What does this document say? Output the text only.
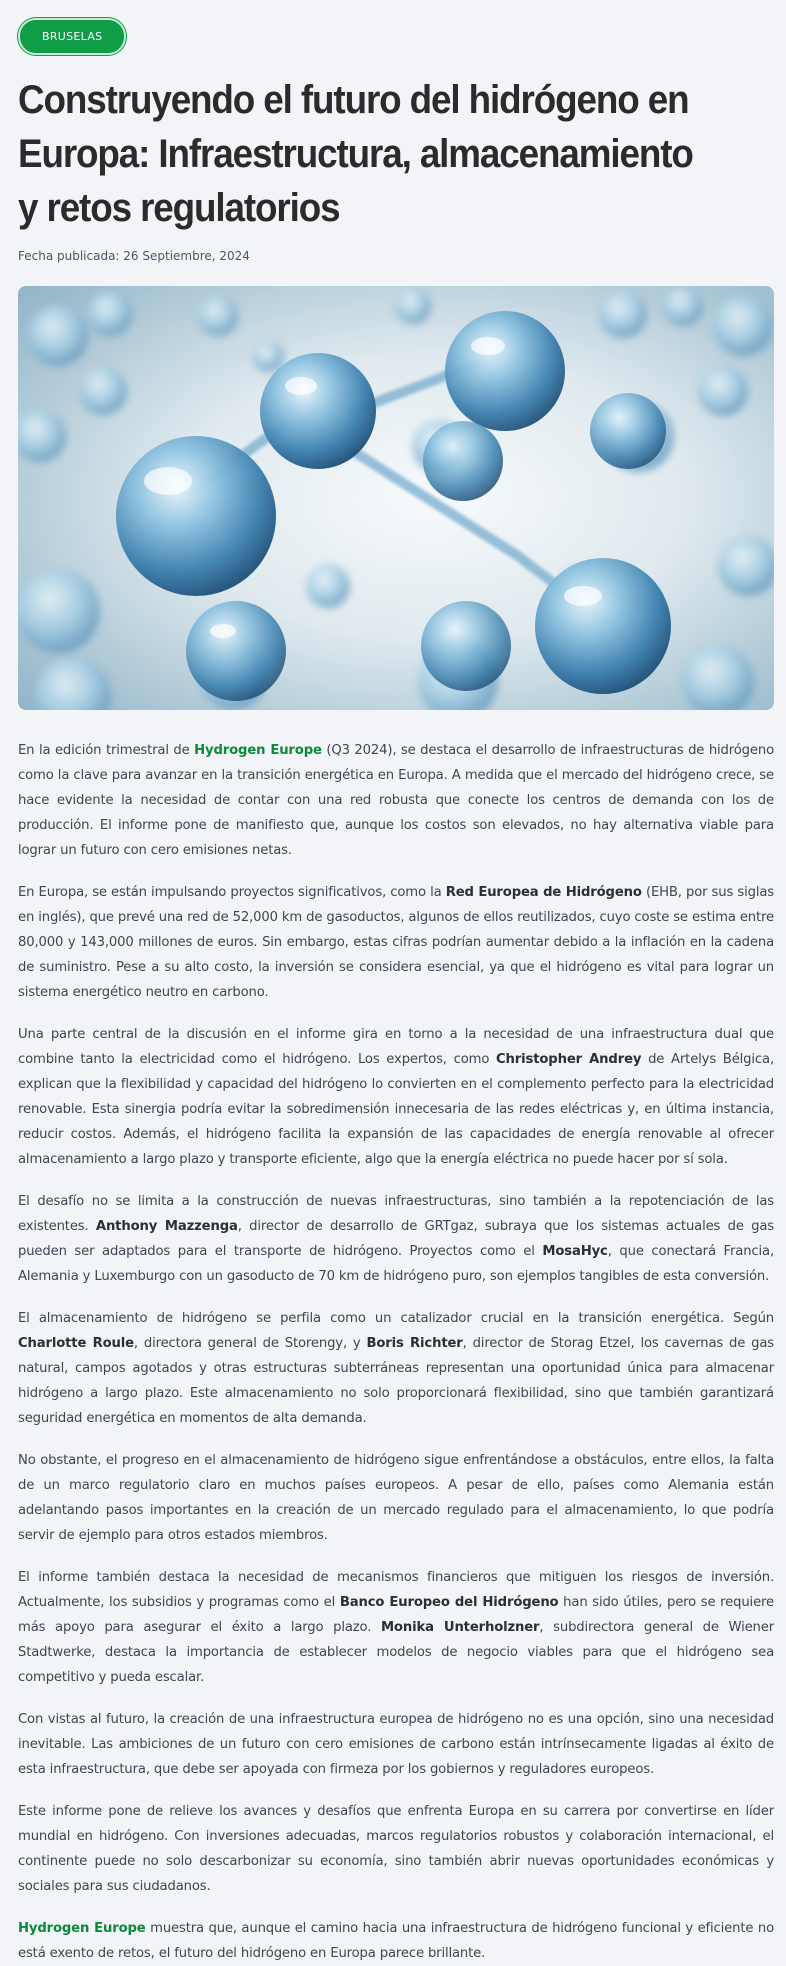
BRUSELAS
Construyendo el futuro del hidrógeno en Europa: Infraestructura, almacenamiento y retos regulatorios
Fecha publicada: 26 Septiembre, 2024

En la edición trimestral de Hydrogen Europe (Q3 2024), se destaca el desarrollo de infraestructuras de hidrógeno como la clave para avanzar en la transición energética en Europa. A medida que el mercado del hidrógeno crece, se hace evidente la necesidad de contar con una red robusta que conecte los centros de demanda con los de producción. El informe pone de manifiesto que, aunque los costos son elevados, no hay alternativa viable para lograr un futuro con cero emisiones netas.

En Europa, se están impulsando proyectos significativos, como la Red Europea de Hidrógeno (EHB, por sus siglas en inglés), que prevé una red de 52,000 km de gasoductos, algunos de ellos reutilizados, cuyo coste se estima entre 80,000 y 143,000 millones de euros. Sin embargo, estas cifras podrían aumentar debido a la inflación en la cadena de suministro. Pese a su alto costo, la inversión se considera esencial, ya que el hidrógeno es vital para lograr un sistema energético neutro en carbono.

Una parte central de la discusión en el informe gira en torno a la necesidad de una infraestructura dual que combine tanto la electricidad como el hidrógeno. Los expertos, como Christopher Andrey de Artelys Bélgica, explican que la flexibilidad y capacidad del hidrógeno lo convierten en el complemento perfecto para la electricidad renovable. Esta sinergia podría evitar la sobredimensión innecesaria de las redes eléctricas y, en última instancia, reducir costos. Además, el hidrógeno facilita la expansión de las capacidades de energía renovable al ofrecer almacenamiento a largo plazo y transporte eficiente, algo que la energía eléctrica no puede hacer por sí sola.

El desafío no se limita a la construcción de nuevas infraestructuras, sino también a la repotenciación de las existentes. Anthony Mazzenga, director de desarrollo de GRTgaz, subraya que los sistemas actuales de gas pueden ser adaptados para el transporte de hidrógeno. Proyectos como el MosaHyc, que conectará Francia, Alemania y Luxemburgo con un gasoducto de 70 km de hidrógeno puro, son ejemplos tangibles de esta conversión.

El almacenamiento de hidrógeno se perfila como un catalizador crucial en la transición energética. Según Charlotte Roule, directora general de Storengy, y Boris Richter, director de Storag Etzel, los cavernas de gas natural, campos agotados y otras estructuras subterráneas representan una oportunidad única para almacenar hidrógeno a largo plazo. Este almacenamiento no solo proporcionará flexibilidad, sino que también garantizará seguridad energética en momentos de alta demanda.

No obstante, el progreso en el almacenamiento de hidrógeno sigue enfrentándose a obstáculos, entre ellos, la falta de un marco regulatorio claro en muchos países europeos. A pesar de ello, países como Alemania están adelantando pasos importantes en la creación de un mercado regulado para el almacenamiento, lo que podría servir de ejemplo para otros estados miembros.

El informe también destaca la necesidad de mecanismos financieros que mitiguen los riesgos de inversión. Actualmente, los subsidios y programas como el Banco Europeo del Hidrógeno han sido útiles, pero se requiere más apoyo para asegurar el éxito a largo plazo. Monika Unterholzner, subdirectora general de Wiener Stadtwerke, destaca la importancia de establecer modelos de negocio viables para que el hidrógeno sea competitivo y pueda escalar.

Con vistas al futuro, la creación de una infraestructura europea de hidrógeno no es una opción, sino una necesidad inevitable. Las ambiciones de un futuro con cero emisiones de carbono están intrínsecamente ligadas al éxito de esta infraestructura, que debe ser apoyada con firmeza por los gobiernos y reguladores europeos.

Este informe pone de relieve los avances y desafíos que enfrenta Europa en su carrera por convertirse en líder mundial en hidrógeno. Con inversiones adecuadas, marcos regulatorios robustos y colaboración internacional, el continente puede no solo descarbonizar su economía, sino también abrir nuevas oportunidades económicas y sociales para sus ciudadanos.

Hydrogen Europe muestra que, aunque el camino hacia una infraestructura de hidrógeno funcional y eficiente no está exento de retos, el futuro del hidrógeno en Europa parece brillante.
